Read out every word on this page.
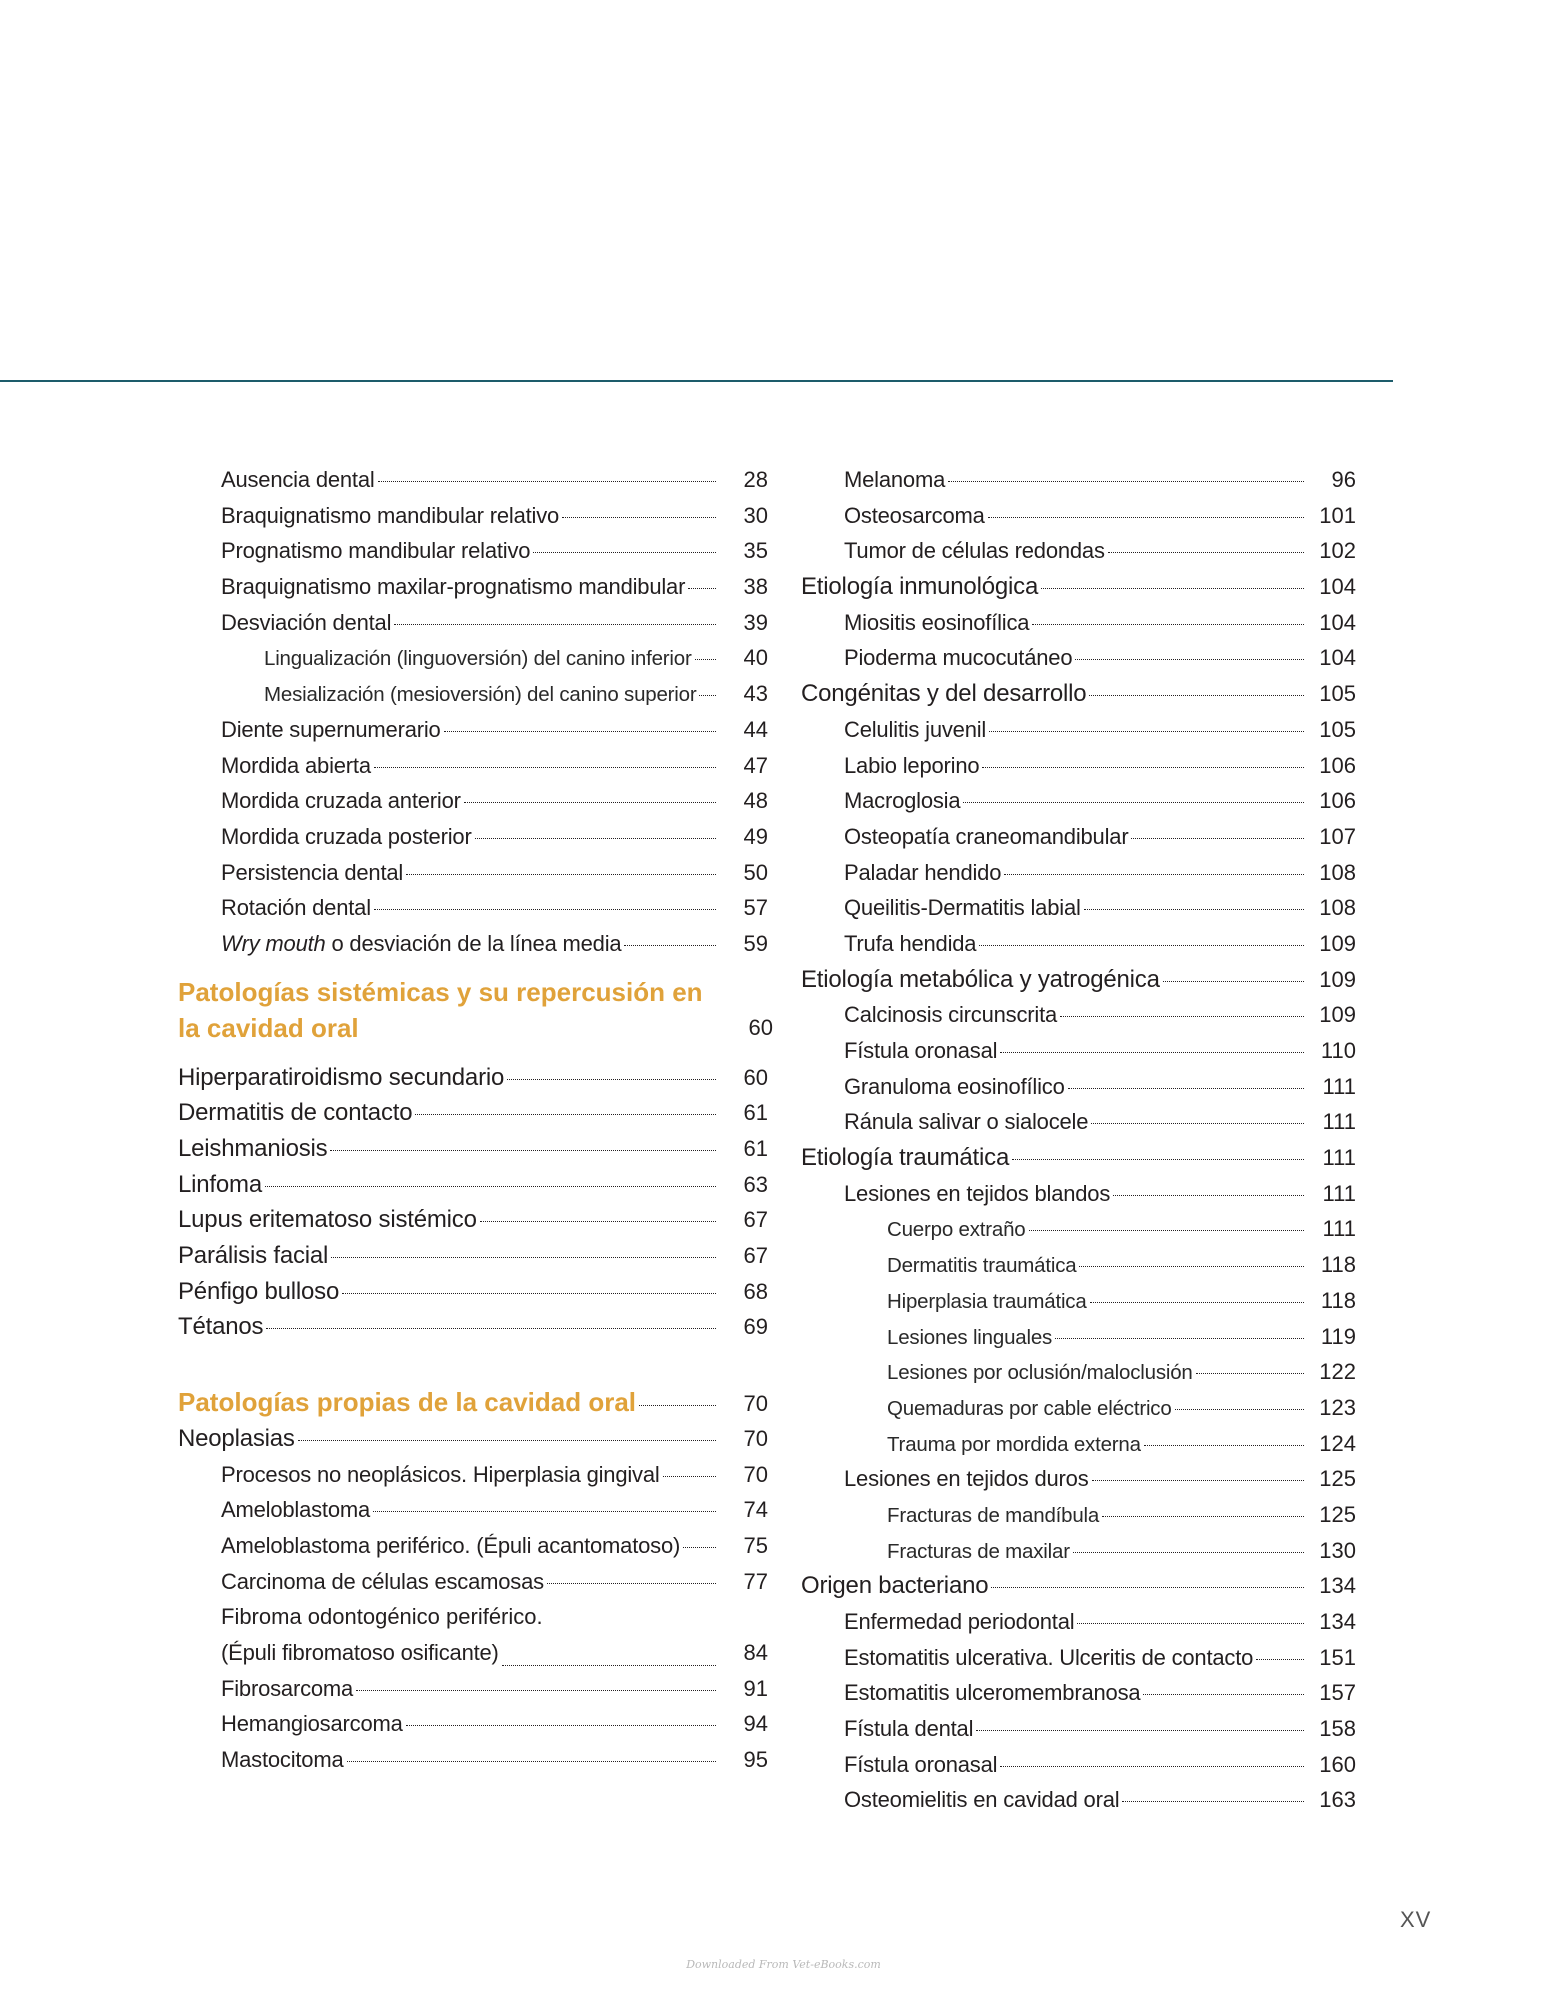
Ausencia dental	28
Braquignatismo mandibular relativo	30
Prognatismo mandibular relativo	35
Braquignatismo maxilar-prognatismo mandibular	38
Desviación dental	39
Lingualización (linguoversión) del canino inferior	40
Mesialización (mesioversión) del canino superior	43
Diente supernumerario	44
Mordida abierta	47
Mordida cruzada anterior	48
Mordida cruzada posterior	49
Persistencia dental	50
Rotación dental	57
Wry mouth o desviación de la línea media	59
Patologías sistémicas y su repercusión en la cavidad oral	60
Hiperparatiroidismo secundario	60
Dermatitis de contacto	61
Leishmaniosis	61
Linfoma	63
Lupus eritematoso sistémico	67
Parálisis facial	67
Pénfigo bulloso	68
Tétanos	69
Patologías propias de la cavidad oral	70
Neoplasias	70
Procesos no neoplásicos. Hiperplasia gingival	70
Ameloblastoma	74
Ameloblastoma periférico. (Épuli acantomatoso)	75
Carcinoma de células escamosas	77
Fibroma odontogénico periférico.
(Épuli fibromatoso osificante)	84
Fibrosarcoma	91
Hemangiosarcoma	94
Mastocitoma	95
Melanoma	96
Osteosarcoma	101
Tumor de células redondas	102
Etiología inmunológica	104
Miositis eosinofílica	104
Pioderma mucocutáneo	104
Congénitas y del desarrollo	105
Celulitis juvenil	105
Labio leporino	106
Macroglosia	106
Osteopatía craneomandibular	107
Paladar hendido	108
Queilitis-Dermatitis labial	108
Trufa hendida	109
Etiología metabólica y yatrogénica	109
Calcinosis circunscrita	109
Fístula oronasal	110
Granuloma eosinofílico	111
Ránula salivar o sialocele	111
Etiología traumática	111
Lesiones en tejidos blandos	111
Cuerpo extraño	111
Dermatitis traumática	118
Hiperplasia traumática	118
Lesiones linguales	119
Lesiones por oclusión/maloclusión	122
Quemaduras por cable eléctrico	123
Trauma por mordida externa	124
Lesiones en tejidos duros	125
Fracturas de mandíbula	125
Fracturas de maxilar	130
Origen bacteriano	134
Enfermedad periodontal	134
Estomatitis ulcerativa. Ulceritis de contacto	151
Estomatitis ulceromembranosa	157
Fístula dental	158
Fístula oronasal	160
Osteomielitis en cavidad oral	163
XV
Downloaded From Vet-eBooks.com
